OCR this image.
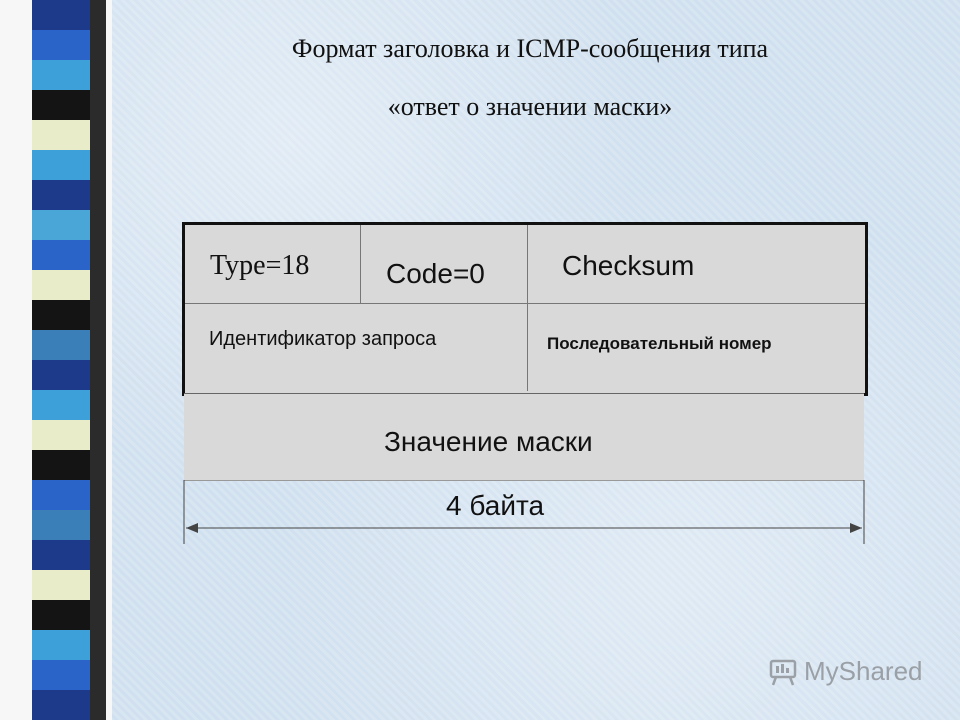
Формат заголовка и ICMP-сообщения типа
«ответ о значении маски»
Type=18	Code=0	Checksum
Идентификатор запроса	Последовательный номер
Значение маски
4 байта
MyShared
